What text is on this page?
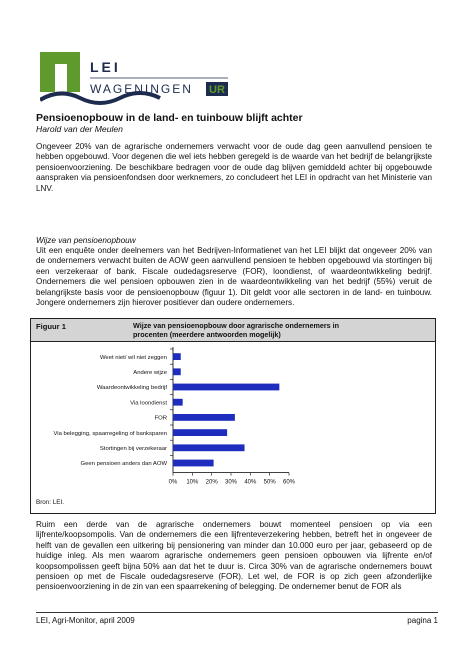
LEI
WAGENINGEN UR
Pensioenopbouw in de land- en tuinbouw blijft achter
Harold van der Meulen
Ongeveer 20% van de agrarische ondernemers verwacht voor de oude dag geen aanvullend pensioen te hebben opgebouwd. Voor degenen die wel iets hebben geregeld is de waarde van het bedrijf de belangrijkste pensioenvoorziening. De beschikbare bedragen voor de oude dag blijven gemiddeld achter bij opgebouwde aanspraken via pensioenfondsen door werknemers, zo concludeert het LEI in opdracht van het Ministerie van LNV.
Wijze van pensioenopbouw
Uit een enquête onder deelnemers van het Bedrijven-Informatienet van het LEI blijkt dat ongeveer 20% van de ondernemers verwacht buiten de AOW geen aanvullend pensioen te hebben opgebouwd via stortingen bij een verzekeraar of bank. Fiscale oudedagsreserve (FOR), loondienst, of waardeontwikkeling bedrijf. Ondernemers die wel pensioen opbouwen zien in de waardeontwikkeling van het bedrijf (55%) veruit de belangrijkste basis voor de pensioenopbouw (figuur 1). Dit geldt voor alle sectoren in de land- en tuinbouw. Jongere ondernemers zijn hierover positiever dan oudere ondernemers.
Figuur 1	Wijze van pensioenopbouw door agrarische ondernemers in procenten (meerdere antwoorden mogelijk)
Weet niet/ wil niet zeggen
Andere wijze
Waardeontwikkeling bedrijf
Via loondienst
FOR
Via belegging, spaarregeling of banksparen
Stortingen bij verzekeraar
Geen pensioen anders dan AOW
0% 10% 20% 30% 40% 50% 60%
Bron: LEI.
Ruim een derde van de agrarische ondernemers bouwt momenteel pensioen op via een lijfrente/koopsompolis. Van de ondernemers die een lijfrenteverzekering hebben, betreft het in ongeveer de helft van de gevallen een uitkering bij pensionering van minder dan 10.000 euro per jaar, gebaseerd op de huidige inleg. Als men waarom agrarische ondernemers geen pensioen opbouwen via lijfrente en/of koopsompolissen geeft bijna 50% aan dat het te duur is. Circa 30% van de agrarische ondernemers bouwt pensioen op met de Fiscale oudedagsreserve (FOR). Let wel, de FOR is op zich geen afzonderlijke pensioenvoorziening in de zin van een spaarrekening of belegging. De ondernemer benut de FOR als
LEI, Agri-Monitor, april 2009	pagina 1
